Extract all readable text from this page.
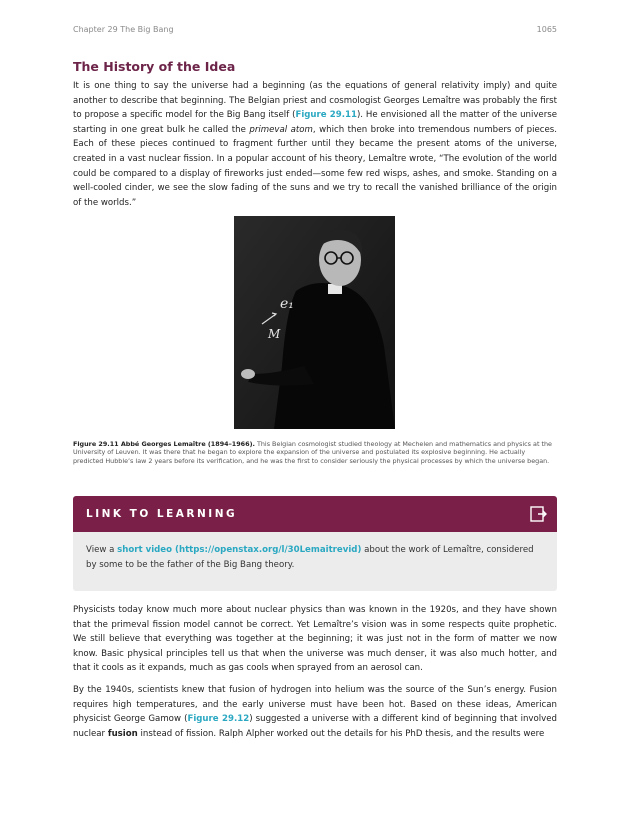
Chapter 29 The Big Bang	1065
The History of the Idea

It is one thing to say the universe had a beginning (as the equations of general relativity imply) and quite another to describe that beginning. The Belgian priest and cosmologist Georges Lemaître was probably the first to propose a specific model for the Big Bang itself (Figure 29.11). He envisioned all the matter of the universe starting in one great bulk he called the primeval atom, which then broke into tremendous numbers of pieces. Each of these pieces continued to fragment further until they became the present atoms of the universe, created in a vast nuclear fission. In a popular account of his theory, Lemaître wrote, “The evolution of the world could be compared to a display of fireworks just ended—some few red wisps, ashes, and smoke. Standing on a well-cooled cinder, we see the slow fading of the suns and we try to recall the vanished brilliance of the origin of the worlds.”

e₁
M
Figure 29.11 Abbé Georges Lemaître (1894–1966). This Belgian cosmologist studied theology at Mechelen and mathematics and physics at the University of Leuven. It was there that he began to explore the expansion of the universe and postulated its explosive beginning. He actually predicted Hubble’s law 2 years before its verification, and he was the first to consider seriously the physical processes by which the universe began.
LINK TO LEARNING
View a short video (https://openstax.org/l/30Lemaitrevid) about the work of Lemaître, considered by some to be the father of the Big Bang theory.

Physicists today know much more about nuclear physics than was known in the 1920s, and they have shown that the primeval fission model cannot be correct. Yet Lemaître’s vision was in some respects quite prophetic. We still believe that everything was together at the beginning; it was just not in the form of matter we now know. Basic physical principles tell us that when the universe was much denser, it was also much hotter, and that it cools as it expands, much as gas cools when sprayed from an aerosol can.

By the 1940s, scientists knew that fusion of hydrogen into helium was the source of the Sun’s energy. Fusion requires high temperatures, and the early universe must have been hot. Based on these ideas, American physicist George Gamow (Figure 29.12) suggested a universe with a different kind of beginning that involved nuclear fusion instead of fission. Ralph Alpher worked out the details for his PhD thesis, and the results were
